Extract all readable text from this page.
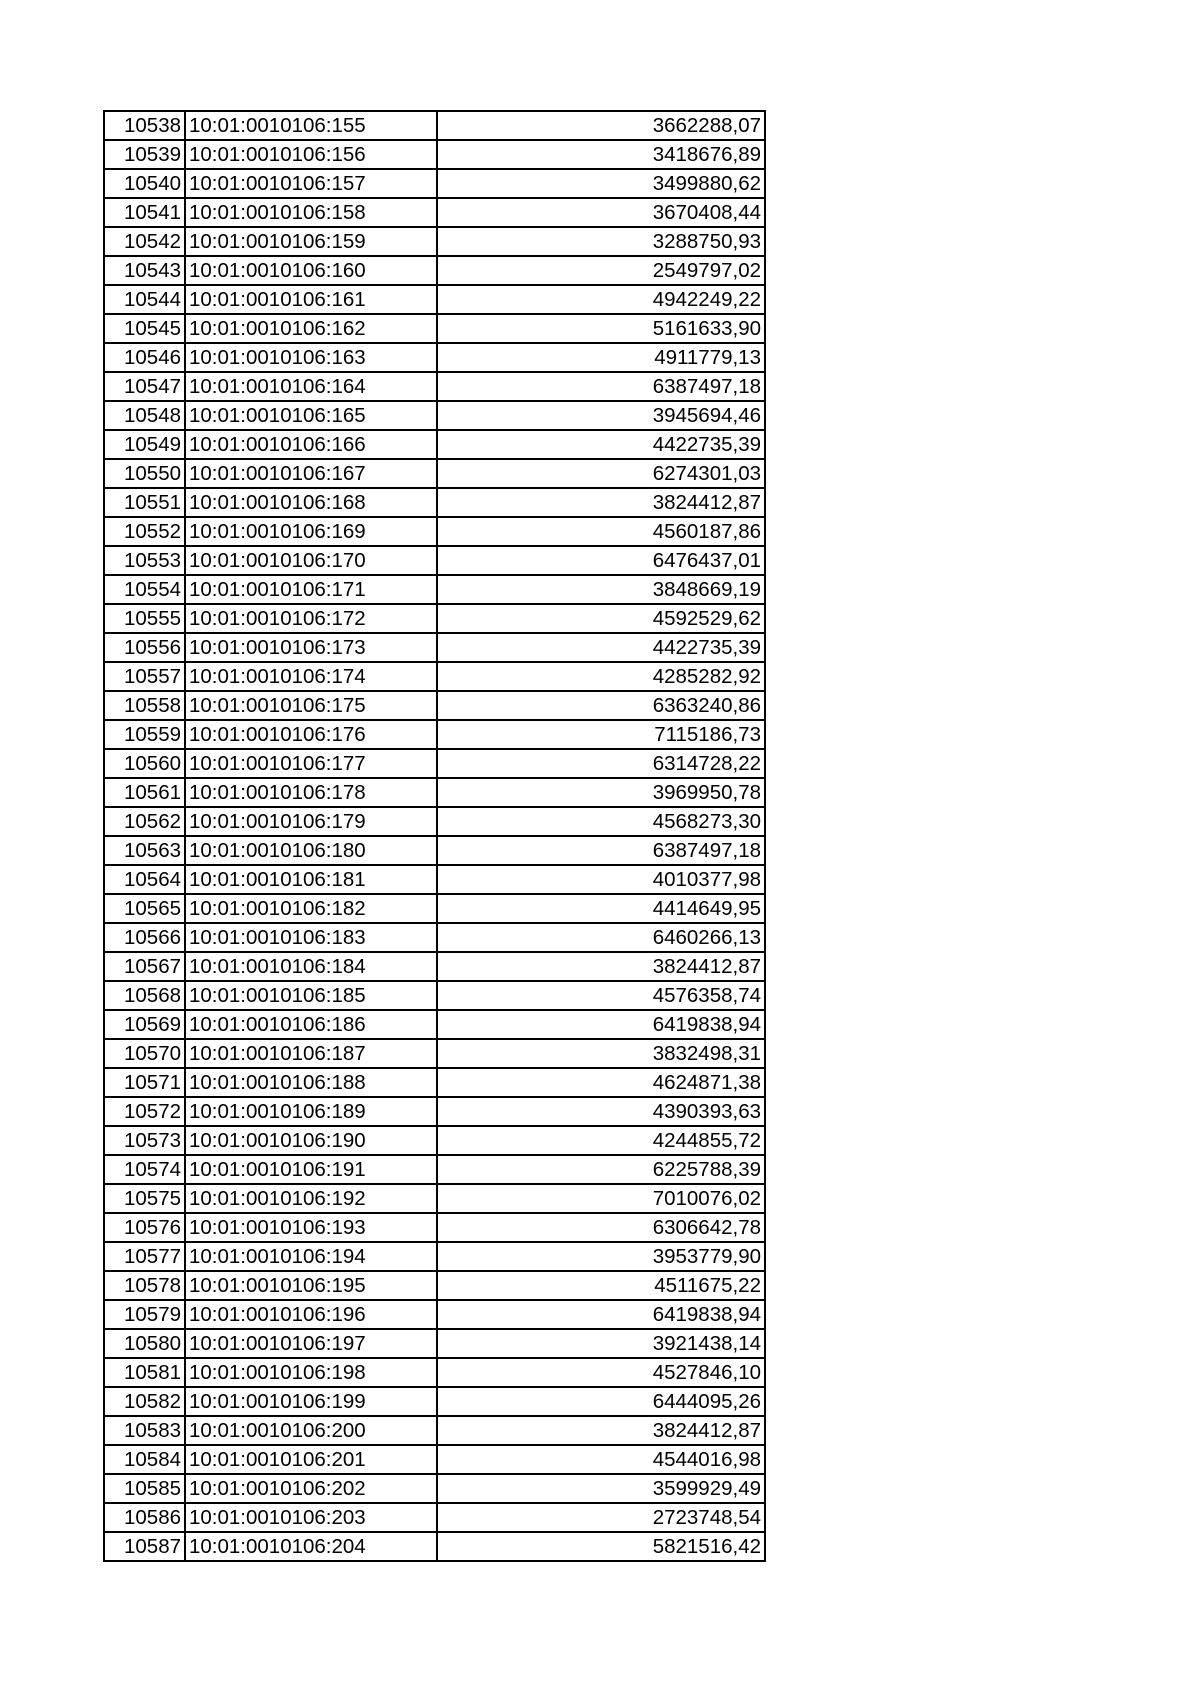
10538	10:01:0010106:155	3662288,07
10539	10:01:0010106:156	3418676,89
10540	10:01:0010106:157	3499880,62
10541	10:01:0010106:158	3670408,44
10542	10:01:0010106:159	3288750,93
10543	10:01:0010106:160	2549797,02
10544	10:01:0010106:161	4942249,22
10545	10:01:0010106:162	5161633,90
10546	10:01:0010106:163	4911779,13
10547	10:01:0010106:164	6387497,18
10548	10:01:0010106:165	3945694,46
10549	10:01:0010106:166	4422735,39
10550	10:01:0010106:167	6274301,03
10551	10:01:0010106:168	3824412,87
10552	10:01:0010106:169	4560187,86
10553	10:01:0010106:170	6476437,01
10554	10:01:0010106:171	3848669,19
10555	10:01:0010106:172	4592529,62
10556	10:01:0010106:173	4422735,39
10557	10:01:0010106:174	4285282,92
10558	10:01:0010106:175	6363240,86
10559	10:01:0010106:176	7115186,73
10560	10:01:0010106:177	6314728,22
10561	10:01:0010106:178	3969950,78
10562	10:01:0010106:179	4568273,30
10563	10:01:0010106:180	6387497,18
10564	10:01:0010106:181	4010377,98
10565	10:01:0010106:182	4414649,95
10566	10:01:0010106:183	6460266,13
10567	10:01:0010106:184	3824412,87
10568	10:01:0010106:185	4576358,74
10569	10:01:0010106:186	6419838,94
10570	10:01:0010106:187	3832498,31
10571	10:01:0010106:188	4624871,38
10572	10:01:0010106:189	4390393,63
10573	10:01:0010106:190	4244855,72
10574	10:01:0010106:191	6225788,39
10575	10:01:0010106:192	7010076,02
10576	10:01:0010106:193	6306642,78
10577	10:01:0010106:194	3953779,90
10578	10:01:0010106:195	4511675,22
10579	10:01:0010106:196	6419838,94
10580	10:01:0010106:197	3921438,14
10581	10:01:0010106:198	4527846,10
10582	10:01:0010106:199	6444095,26
10583	10:01:0010106:200	3824412,87
10584	10:01:0010106:201	4544016,98
10585	10:01:0010106:202	3599929,49
10586	10:01:0010106:203	2723748,54
10587	10:01:0010106:204	5821516,42
